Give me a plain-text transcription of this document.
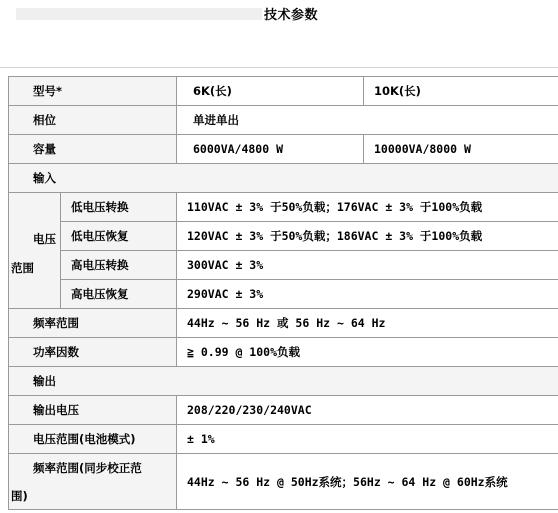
技术参数
型号*		6K(长)	10K(长)
相位		单进单出	
容量		6000VA/4800 W	10000VA/8000 W
输入			

电压
范围	低电压转换	110VAC ± 3% 于50%负载；176VAC ± 3% 于100%负载	
	低电压恢复	120VAC ± 3% 于50%负载；186VAC ± 3% 于100%负载	
	高电压转换	300VAC ± 3%	
	高电压恢复	290VAC ± 3%	
频率范围		44Hz ~ 56 Hz 或 56 Hz ~ 64 Hz	
功率因数		≧ 0.99 @ 100%负载	
输出			
输出电压		208/220/230/240VAC	
电压范围(电池模式)		± 1%	

频率范围(同步校正范
围)		44Hz ~ 56 Hz @ 50Hz系统；56Hz ~ 64 Hz @ 60Hz系统	
